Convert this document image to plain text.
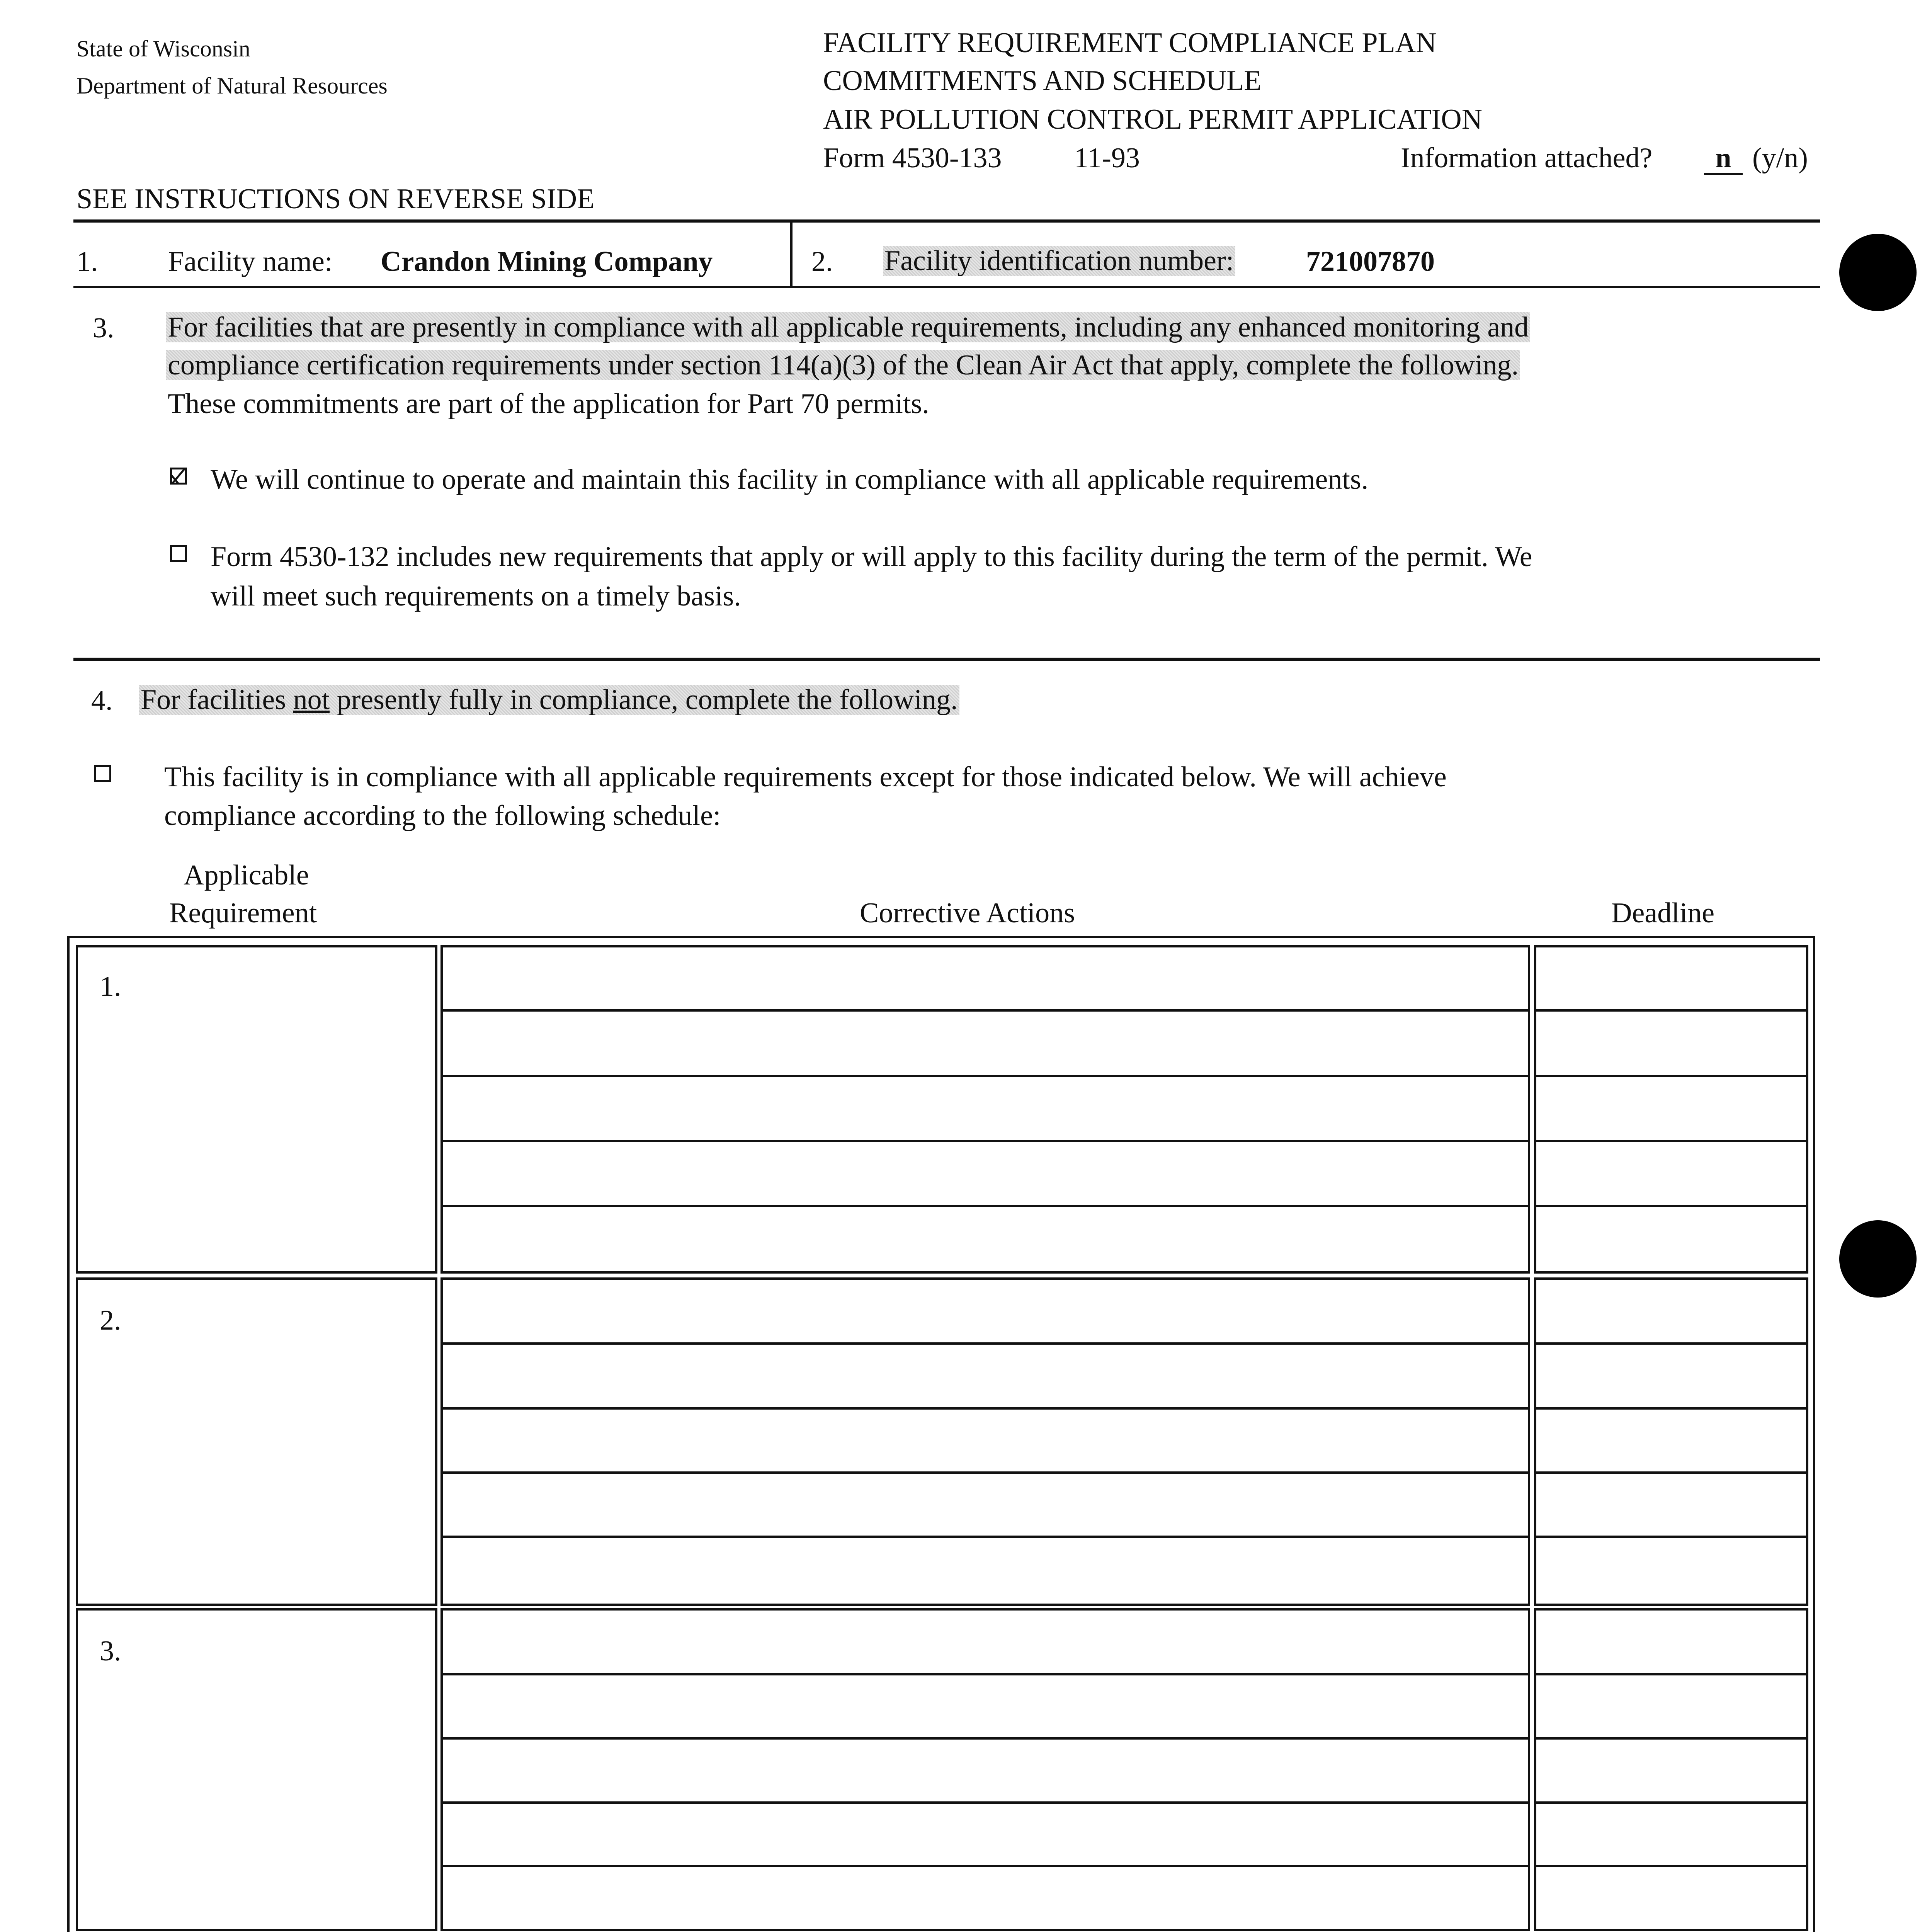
State of Wisconsin
Department of Natural Resources
FACILITY REQUIREMENT COMPLIANCE PLAN
COMMITMENTS AND SCHEDULE
AIR POLLUTION CONTROL PERMIT APPLICATION
Form 4530-133	11-93	Information attached?	n (y/n)
SEE INSTRUCTIONS ON REVERSE SIDE
1. Facility name: Crandon Mining Company	2. Facility identification number:	721007870
3. For facilities that are presently in compliance with all applicable requirements, including any enhanced monitoring and
compliance certification requirements under section 114(a)(3) of the Clean Air Act that apply, complete the following.
These commitments are part of the application for Part 70 permits.
We will continue to operate and maintain this facility in compliance with all applicable requirements.
Form 4530-132 includes new requirements that apply or will apply to this facility during the term of the permit. We
will meet such requirements on a timely basis.
4. For facilities not presently fully in compliance, complete the following.
This facility is in compliance with all applicable requirements except for those indicated below. We will achieve
compliance according to the following schedule:
Applicable
Requirement	Corrective Actions	Deadline
1.
2.
3.
